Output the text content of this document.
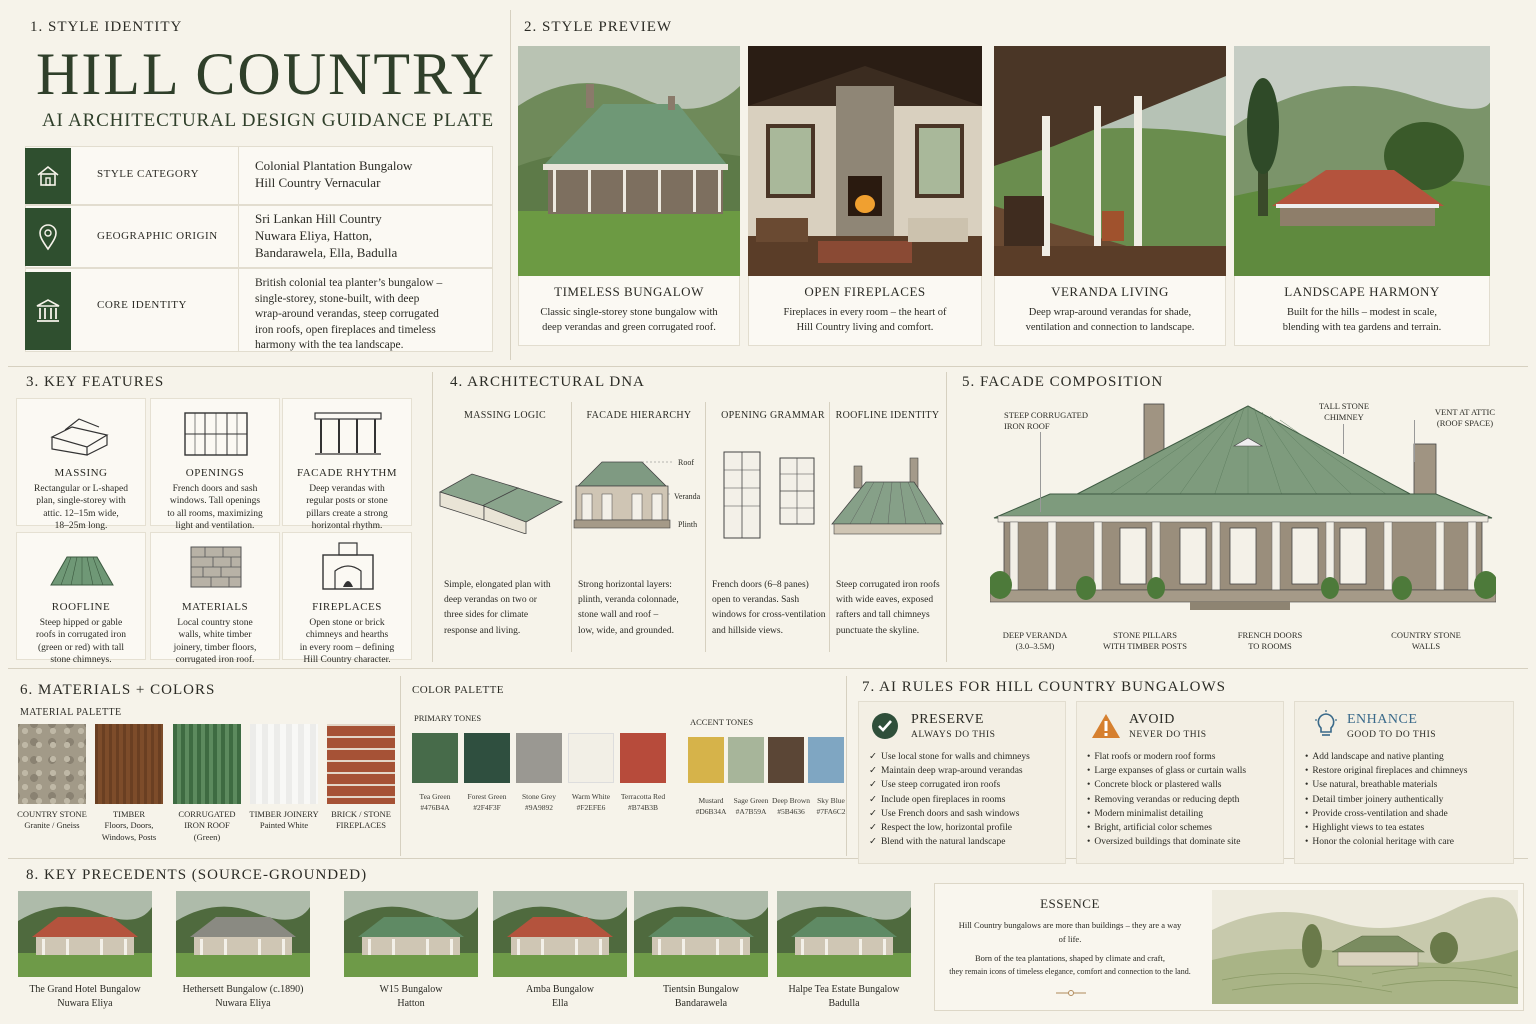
1. STYLE IDENTITY
HILL COUNTRY
AI ARCHITECTURAL DESIGN GUIDANCE PLATE
STYLE CATEGORY
Colonial Plantation Bungalow
Hill Country Vernacular
GEOGRAPHIC ORIGIN
Sri Lankan Hill Country
Nuwara Eliya, Hatton,
Bandarawela, Ella, Badulla
CORE IDENTITY
British colonial tea planter’s bungalow –
single-storey, stone-built, with deep
wrap-around verandas, steep corrugated
iron roofs, open fireplaces and timeless
harmony with the tea landscape.
2. STYLE PREVIEW
TIMELESS BUNGALOW
Classic single-storey stone bungalow with
deep verandas and green corrugated roof.
OPEN FIREPLACES
Fireplaces in every room – the heart of
Hill Country living and comfort.
VERANDA LIVING
Deep wrap-around verandas for shade,
ventilation and connection to landscape.
LANDSCAPE HARMONY
Built for the hills – modest in scale,
blending with tea gardens and terrain.
3. KEY FEATURES
MASSING
Rectangular or L-shaped
plan, single-storey with
attic. 12–15m wide,
18–25m long.
OPENINGS
French doors and sash
windows. Tall openings
to all rooms, maximizing
light and ventilation.
FACADE RHYTHM
Deep verandas with
regular posts or stone
pillars create a strong
horizontal rhythm.
ROOFLINE
Steep hipped or gable
roofs in corrugated iron
(green or red) with tall
stone chimneys.
MATERIALS
Local country stone
walls, white timber
joinery, timber floors,
corrugated iron roof.
FIREPLACES
Open stone or brick
chimneys and hearths
in every room – defining
Hill Country character.
4. ARCHITECTURAL DNA
MASSING LOGIC
Simple, elongated plan with
deep verandas on two or
three sides for climate
response and living.
FACADE HIERARCHY
Roof
Veranda
Plinth
Strong horizontal layers:
plinth, veranda colonnade,
stone wall and roof –
low, wide, and grounded.
OPENING GRAMMAR
French doors (6–8 panes)
open to verandas. Sash
windows for cross-ventilation
and hillside views.
ROOFLINE IDENTITY
Steep corrugated iron roofs
with wide eaves, exposed
rafters and tall chimneys
punctuate the skyline.
5. FACADE COMPOSITION
STEEP CORRUGATED
IRON ROOF
TALL STONE
CHIMNEY
VENT AT ATTIC
(ROOF SPACE)
DEEP VERANDA
(3.0–3.5M)
STONE PILLARS
WITH TIMBER POSTS
FRENCH DOORS
TO ROOMS
COUNTRY STONE
WALLS
6. MATERIALS + COLORS
MATERIAL PALETTE
COUNTRY STONE
Granite / Gneiss
TIMBER
Floors, Doors,
Windows, Posts
CORRUGATED
IRON ROOF
(Green)
TIMBER JOINERY
Painted White
BRICK / STONE
FIREPLACES
COLOR PALETTE
PRIMARY TONES	ACCENT TONES
Tea Green
#476B4A
Forest Green
#2F4F3F
Stone Grey
#9A9892
Warm White
#F2EFE6
Terracotta Red
#B74B3B
Mustard
#D6B34A
Sage Green
#A7B59A
Deep Brown
#5B4636
Sky Blue
#7FA6C2
7. AI RULES FOR HILL COUNTRY BUNGALOWS
PRESERVE
ALWAYS DO THIS
✓ Use local stone for walls and chimneys
✓ Maintain deep wrap-around verandas
✓ Use steep corrugated iron roofs
✓ Include open fireplaces in rooms
✓ Use French doors and sash windows
✓ Respect the low, horizontal profile
✓ Blend with the natural landscape
AVOID
NEVER DO THIS
• Flat roofs or modern roof forms
• Large expanses of glass or curtain walls
• Concrete block or plastered walls
• Removing verandas or reducing depth
• Modern minimalist detailing
• Bright, artificial color schemes
• Oversized buildings that dominate site
ENHANCE
GOOD TO DO THIS
• Add landscape and native planting
• Restore original fireplaces and chimneys
• Use natural, breathable materials
• Detail timber joinery authentically
• Provide cross-ventilation and shade
• Highlight views to tea estates
• Honor the colonial heritage with care
8. KEY PRECEDENTS (SOURCE-GROUNDED)
The Grand Hotel Bungalow
Nuwara Eliya
Hethersett Bungalow (c.1890)
Nuwara Eliya
W15 Bungalow
Hatton
Amba Bungalow
Ella
Tientsin Bungalow
Bandarawela
Halpe Tea Estate Bungalow
Badulla
ESSENCE
Hill Country bungalows are more than buildings – they are a way
of life.
Born of the tea plantations, shaped by climate and craft,
they remain icons of timeless elegance, comfort and connection to the land.
